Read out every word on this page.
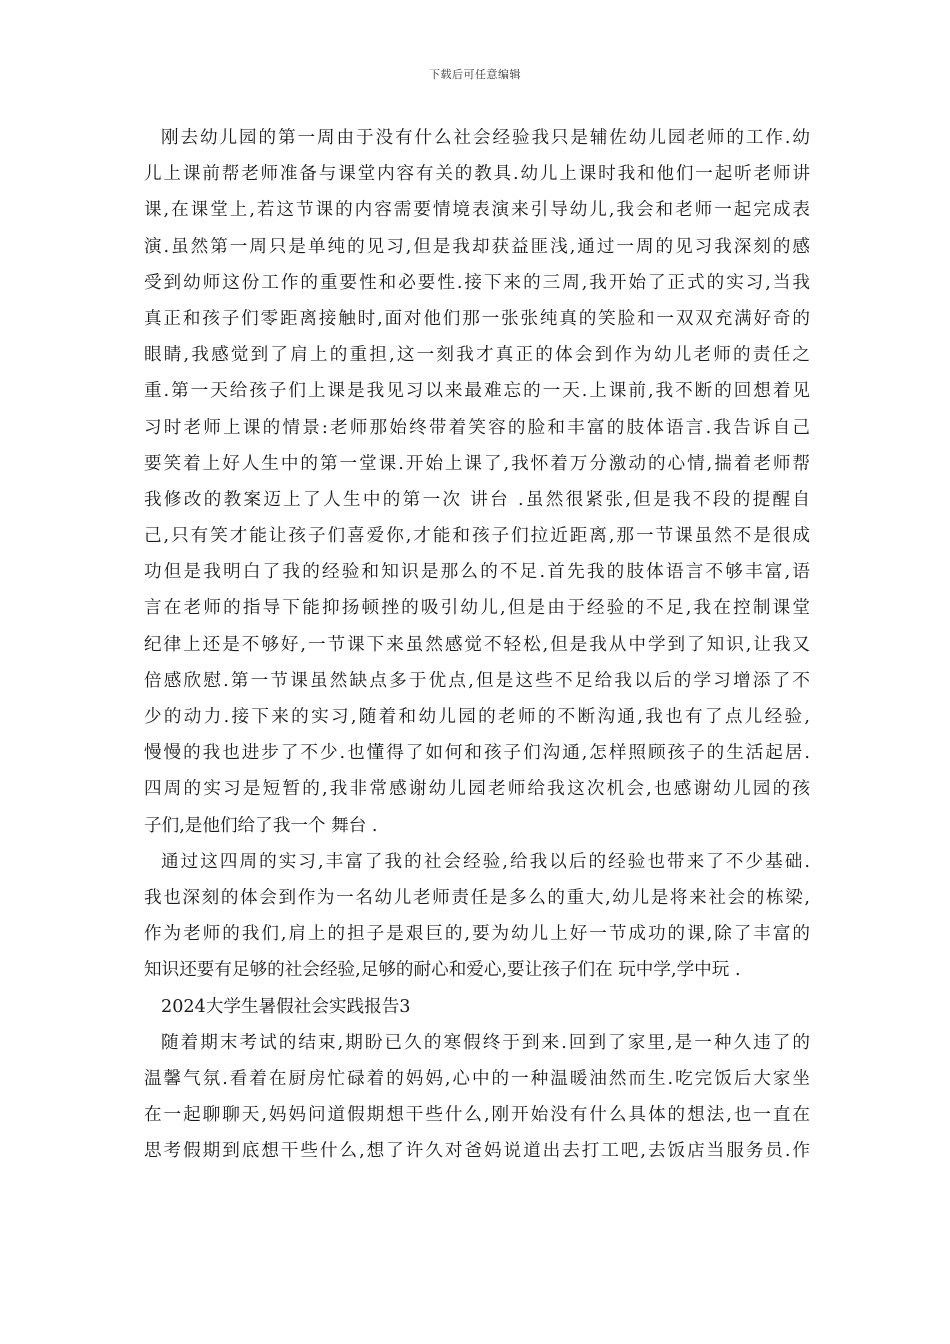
下载后可任意编辑
刚去幼儿园的第一周由于没有什么社会经验我只是辅佐幼儿园老师的工作.幼
儿上课前帮老师准备与课堂内容有关的教具.幼儿上课时我和他们一起听老师讲
课,在课堂上,若这节课的内容需要情境表演来引导幼儿,我会和老师一起完成表
演.虽然第一周只是单纯的见习,但是我却获益匪浅,通过一周的见习我深刻的感
受到幼师这份工作的重要性和必要性.接下来的三周,我开始了正式的实习,当我
真正和孩子们零距离接触时,面对他们那一张张纯真的笑脸和一双双充满好奇的
眼睛,我感觉到了肩上的重担,这一刻我才真正的体会到作为幼儿老师的责任之
重.第一天给孩子们上课是我见习以来最难忘的一天.上课前,我不断的回想着见
习时老师上课的情景:老师那始终带着笑容的脸和丰富的肢体语言.我告诉自己
要笑着上好人生中的第一堂课.开始上课了,我怀着万分激动的心情,揣着老师帮
我修改的教案迈上了人生中的第一次 讲台 .虽然很紧张,但是我不段的提醒自
己,只有笑才能让孩子们喜爱你,才能和孩子们拉近距离,那一节课虽然不是很成
功但是我明白了我的经验和知识是那么的不足.首先我的肢体语言不够丰富,语
言在老师的指导下能抑扬顿挫的吸引幼儿,但是由于经验的不足,我在控制课堂
纪律上还是不够好,一节课下来虽然感觉不轻松,但是我从中学到了知识,让我又
倍感欣慰.第一节课虽然缺点多于优点,但是这些不足给我以后的学习增添了不
少的动力.接下来的实习,随着和幼儿园的老师的不断沟通,我也有了点儿经验,
慢慢的我也进步了不少.也懂得了如何和孩子们沟通,怎样照顾孩子的生活起居.
四周的实习是短暂的,我非常感谢幼儿园老师给我这次机会,也感谢幼儿园的孩
子们,是他们给了我一个 舞台 .
通过这四周的实习,丰富了我的社会经验,给我以后的经验也带来了不少基础.
我也深刻的体会到作为一名幼儿老师责任是多么的重大,幼儿是将来社会的栋梁,
作为老师的我们,肩上的担子是艰巨的,要为幼儿上好一节成功的课,除了丰富的
知识还要有足够的社会经验,足够的耐心和爱心,要让孩子们在 玩中学,学中玩 .
2024大学生暑假社会实践报告3
随着期末考试的结束,期盼已久的寒假终于到来.回到了家里,是一种久违了的
温馨气氛.看着在厨房忙碌着的妈妈,心中的一种温暖油然而生.吃完饭后大家坐
在一起聊聊天,妈妈问道假期想干些什么,刚开始没有什么具体的想法,也一直在
思考假期到底想干些什么,想了许久对爸妈说道出去打工吧,去饭店当服务员.作
